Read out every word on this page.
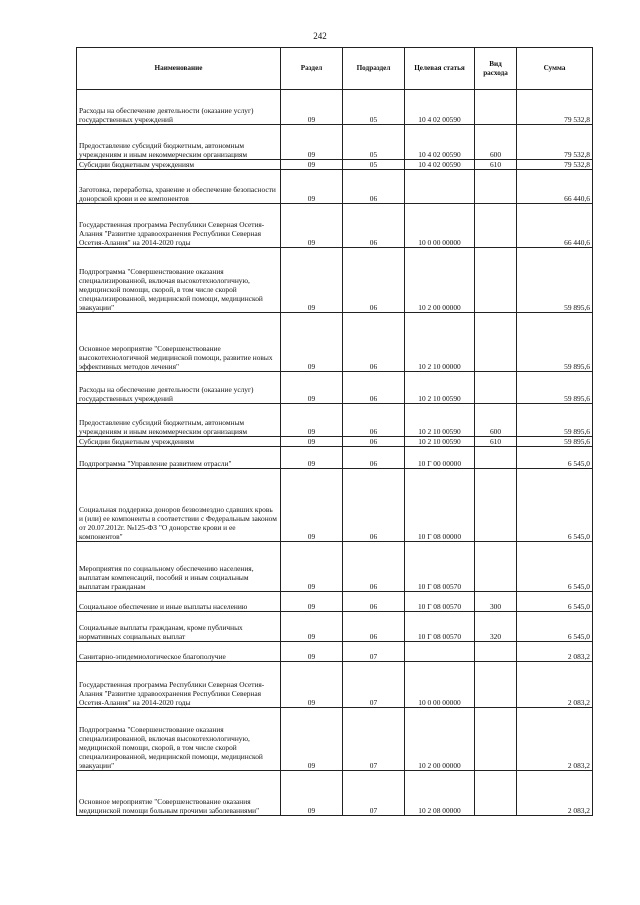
242
Наименование	Раздел	Подраздел	Целевая статья	Вид расхода	Сумма
Расходы на обеспечение деятельности (оказание услуг) государственных учреждений	09	05	10 4 02 00590		79 532,8
Предоставление субсидий бюджетным, автономным учреждениям и иным некоммерческим организациям	09	05	10 4 02 00590	600	79 532,8
Субсидии бюджетным учреждениям	09	05	10 4 02 00590	610	79 532,8
Заготовка, переработка, хранение и обеспечение безопасности донорской крови и ее компонентов	09	06			66 440,6
Государственная программа Республики Северная Осетия-Алания "Развитие здравоохранения Республики Северная Осетия-Алания" на 2014-2020 годы	09	06	10 0 00 00000		66 440,6
Подпрограмма "Совершенствование оказания специализированной, включая высокотехнологичную, медицинской помощи, скорой, в том числе скорой специализированной, медицинской помощи, медицинской эвакуации"	09	06	10 2 00 00000		59 895,6
Основное мероприятие "Совершенствование высокотехнологичной медицинской помощи, развитие новых эффективных методов лечения"	09	06	10 2 10 00000		59 895,6
Расходы на обеспечение деятельности (оказание услуг) государственных учреждений	09	06	10 2 10 00590		59 895,6
Предоставление субсидий бюджетным, автономным учреждениям и иным некоммерческим организациям	09	06	10 2 10 00590	600	59 895,6
Субсидии бюджетным учреждениям	09	06	10 2 10 00590	610	59 895,6
Подпрограмма "Управление развитием отрасли"	09	06	10 Г 00 00000		6 545,0
Социальная поддержка доноров безвозмездно сдавших кровь и (или) ее компоненты в соответствии с Федеральным законом от 20.07.2012г. №125-ФЗ "О донорстве крови и ее компонентов"	09	06	10 Г 08 00000		6 545,0
Мероприятия по социальному обеспечению населения, выплатам компенсаций, пособий и иным социальным выплатам гражданам	09	06	10 Г 08 00570		6 545,0
Социальное обеспечение и иные выплаты населению	09	06	10 Г 08 00570	300	6 545,0
Социальные выплаты гражданам, кроме публичных нормативных социальных выплат	09	06	10 Г 08 00570	320	6 545,0
Санитарно-эпидемиологическое благополучие	09	07			2 083,2
Государственная программа Республики Северная Осетия-Алания "Развитие здравоохранения Республики Северная Осетия-Алания" на 2014-2020 годы	09	07	10 0 00 00000		2 083,2
Подпрограмма "Совершенствование оказания специализированной, включая высокотехнологичную, медицинской помощи, скорой, в том числе скорой специализированной, медицинской помощи, медицинской эвакуации"	09	07	10 2 00 00000		2 083,2
Основное мероприятие "Совершенствование оказания медицинской помощи больным прочими заболеваниями"	09	07	10 2 08 00000		2 083,2
